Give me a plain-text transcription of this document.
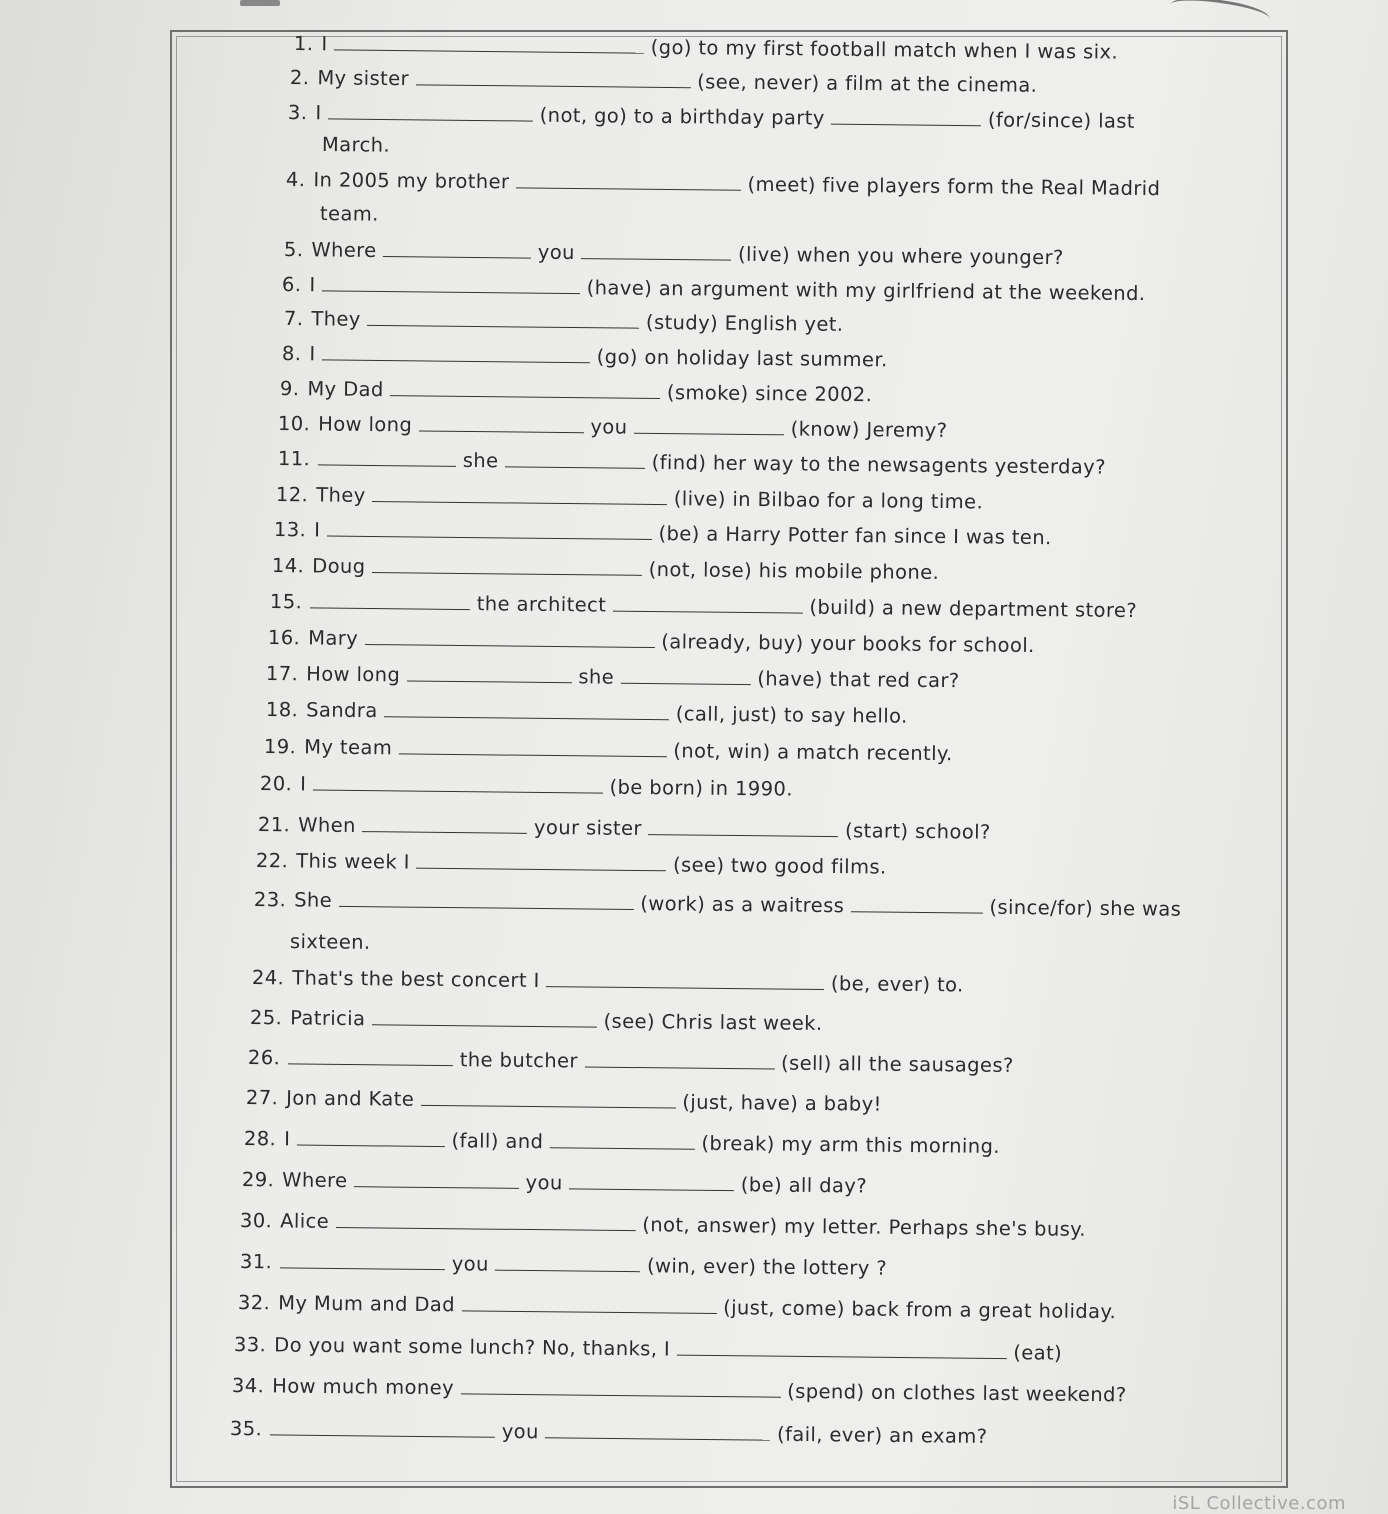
1. I	(go) to my first football match when I was six.
2. My sister	(see, never) a film at the cinema.
3. I	(not, go) to a birthday party	(for/since) last
March.
4. In 2005 my brother	(meet) five players form the Real Madrid
team.
5. Where	you	(live) when you where younger?
6. I	(have) an argument with my girlfriend at the weekend.
7. They	(study) English yet.
8. I	(go) on holiday last summer.
9. My Dad	(smoke) since 2002.
10. How long	you	(know) Jeremy?
11.	she	(find) her way to the newsagents yesterday?
12. They	(live) in Bilbao for a long time.
13. I	(be) a Harry Potter fan since I was ten.
14. Doug	(not, lose) his mobile phone.
15.	the architect	(build) a new department store?
16. Mary	(already, buy) your books for school.
17. How long	she	(have) that red car?
18. Sandra	(call, just) to say hello.
19. My team	(not, win) a match recently.
20. I	(be born) in 1990.
21. When	your sister	(start) school?
22. This week I	(see) two good films.
23. She	(work) as a waitress	(since/for) she was
sixteen.
24. That's the best concert I	(be, ever) to.
25. Patricia	(see) Chris last week.
26.	the butcher	(sell) all the sausages?
27. Jon and Kate	(just, have) a baby!
28. I	(fall) and	(break) my arm this morning.
29. Where	you	(be) all day?
30. Alice	(not, answer) my letter. Perhaps she's busy.
31.	you	(win, ever) the lottery ?
32. My Mum and Dad	(just, come) back from a great holiday.
33. Do you want some lunch? No, thanks, I	(eat)
34. How much money	(spend) on clothes last weekend?
35.	you	(fail, ever) an exam?
iSL Collective.com
